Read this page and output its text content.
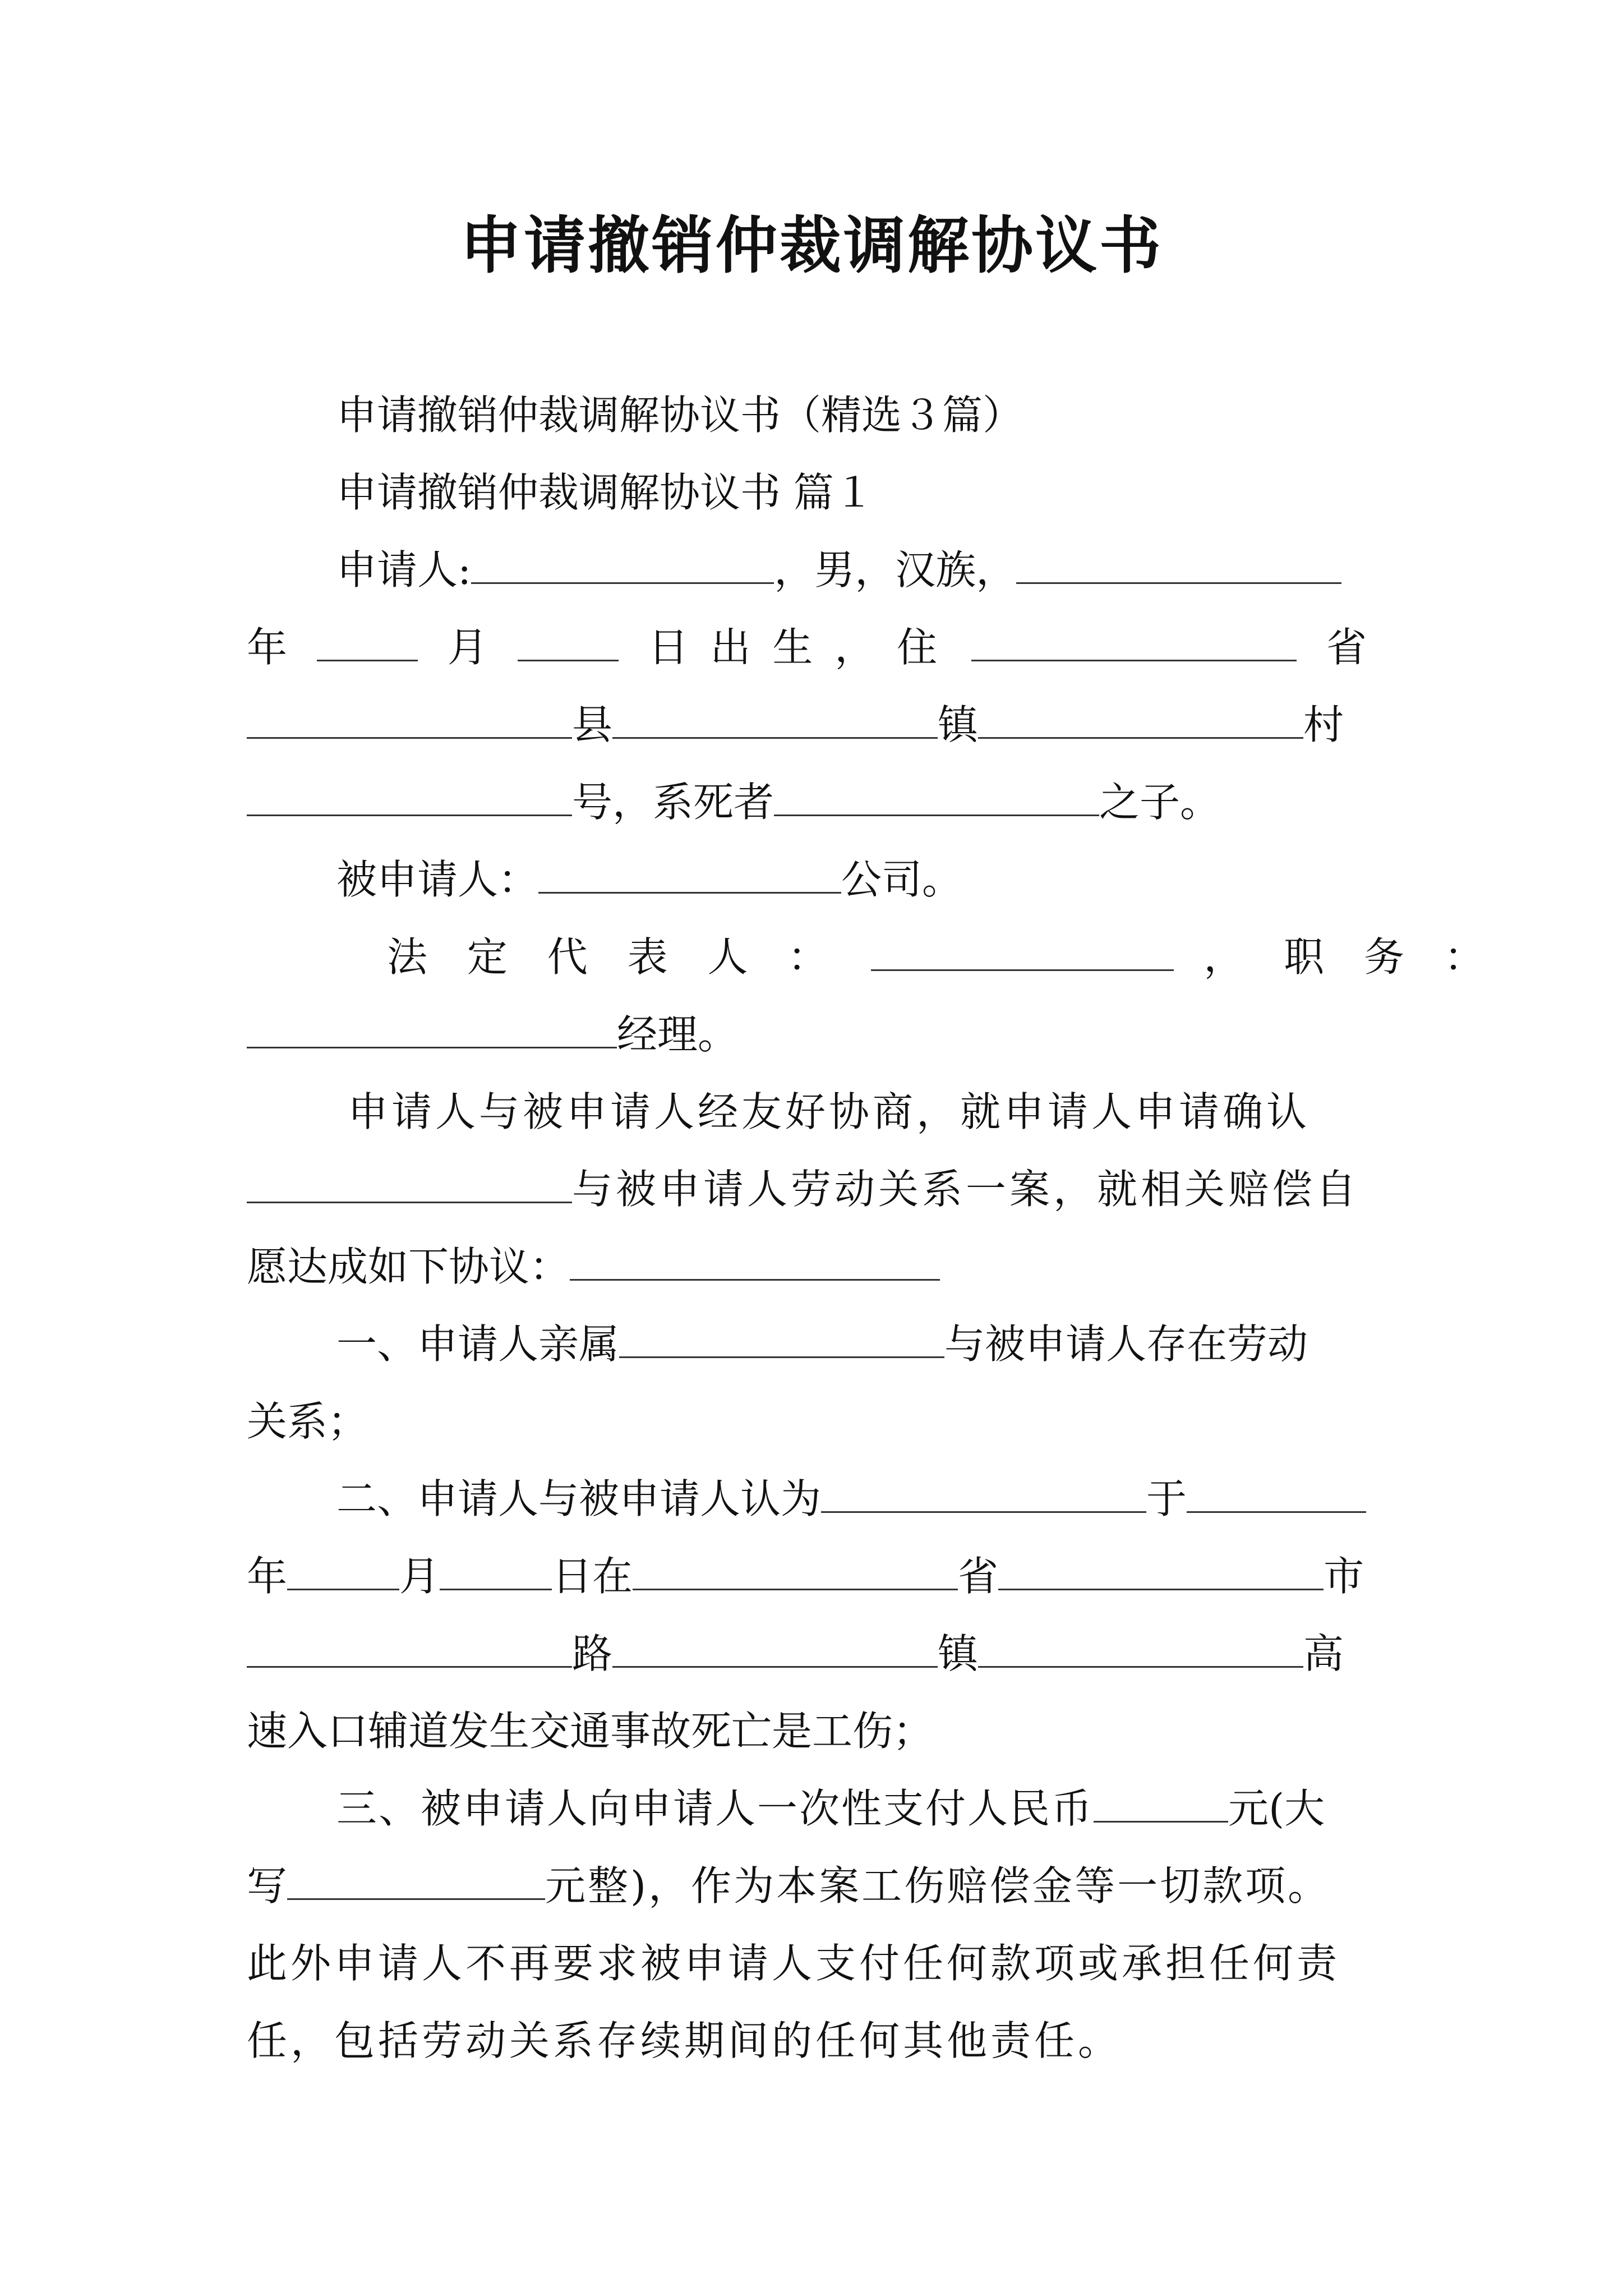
申请撤销仲裁调解协议书
申请撤销仲裁调解协议书（精选３篇）
申请撤销仲裁调解协议书 篇１
申请人:	，男，汉族，
年	月	日 出 生 ， 住	省
县	镇	村
号，系死者	之子。
被申请人：	公司。
法 定 代 表 人 ：	， 职 务 ：
经理。
申请人与被申请人经友好协商，就申请人申请确认
与被申请人劳动关系一案，就相关赔偿自
愿达成如下协议：
一、申请人亲属	与被申请人存在劳动
关系；
二、申请人与被申请人认为	于
年	月	日在	省	市
路	镇	高
速入口辅道发生交通事故死亡是工伤；
三、被申请人向申请人一次性支付人民币	元(大
写	元整)，作为本案工伤赔偿金等一切款项。
此外申请人不再要求被申请人支付任何款项或承担任何责
任，包括劳动关系存续期间的任何其他责任。
